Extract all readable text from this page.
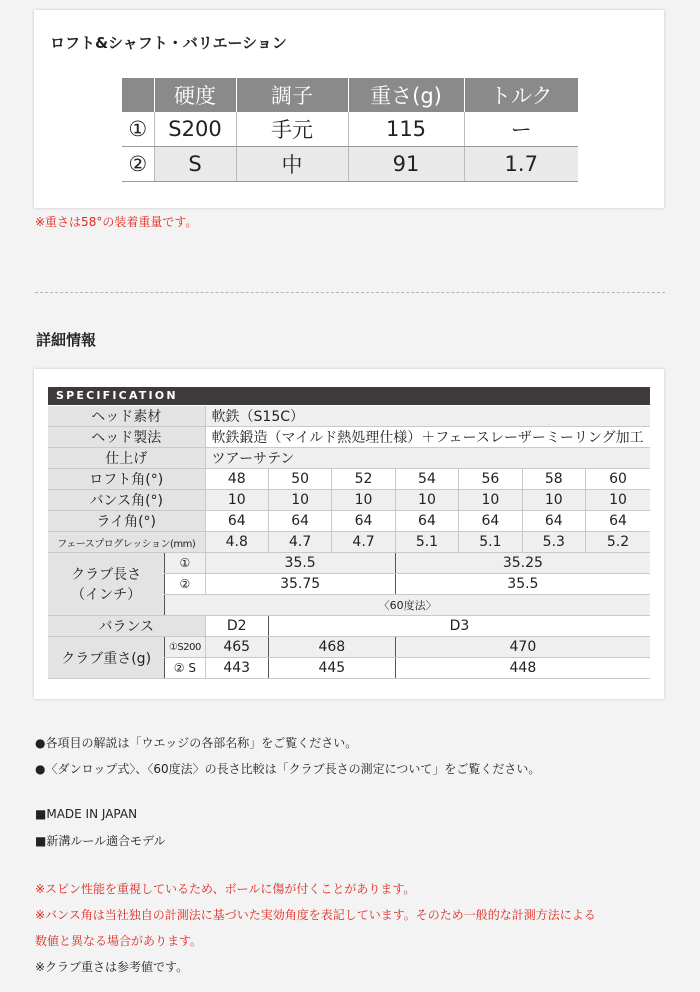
ロフト&シャフト・バリエーション
	硬度	調子	重さ(g)	トルク
①	S200	手元	115	ー
②	S	中	91	1.7
※重さは58°の装着重量です。
詳細情報
SPECIFICATION
ヘッド素材		軟鉄（S15C）						
ヘッド製法		軟鉄鍛造（マイルド熱処理仕様）＋フェースレーザーミーリング加工						
仕上げ		ツアーサテン						
ロフト角(°)		48	50	52	54	56	58	60
バンス角(°)		10	10	10	10	10	10	10
ライ角(°)		64	64	64	64	64	64	64
フェースプログレッション(mm)		4.8	4.7	4.7	5.1	5.1	5.3	5.2

クラブ長さ
（インチ）	①	35.5			35.25			
	②	35.75			35.5			
	〈60度法〉							
バランス		D2	D3					
クラブ重さ(g)	①S200	465	468		470			
	② S	443	445		448			
●各項目の解説は「ウエッジの各部名称」をご覧ください。
●〈ダンロップ式〉、〈60度法〉の長さ比較は「クラブ長さの測定について」をご覧ください。
■MADE IN JAPAN
■新溝ルール適合モデル
※スピン性能を重視しているため、ボールに傷が付くことがあります。
※バンス角は当社独自の計測法に基づいた実効角度を表記しています。そのため一般的な計測方法による
数値と異なる場合があります。
※クラブ重さは参考値です。
